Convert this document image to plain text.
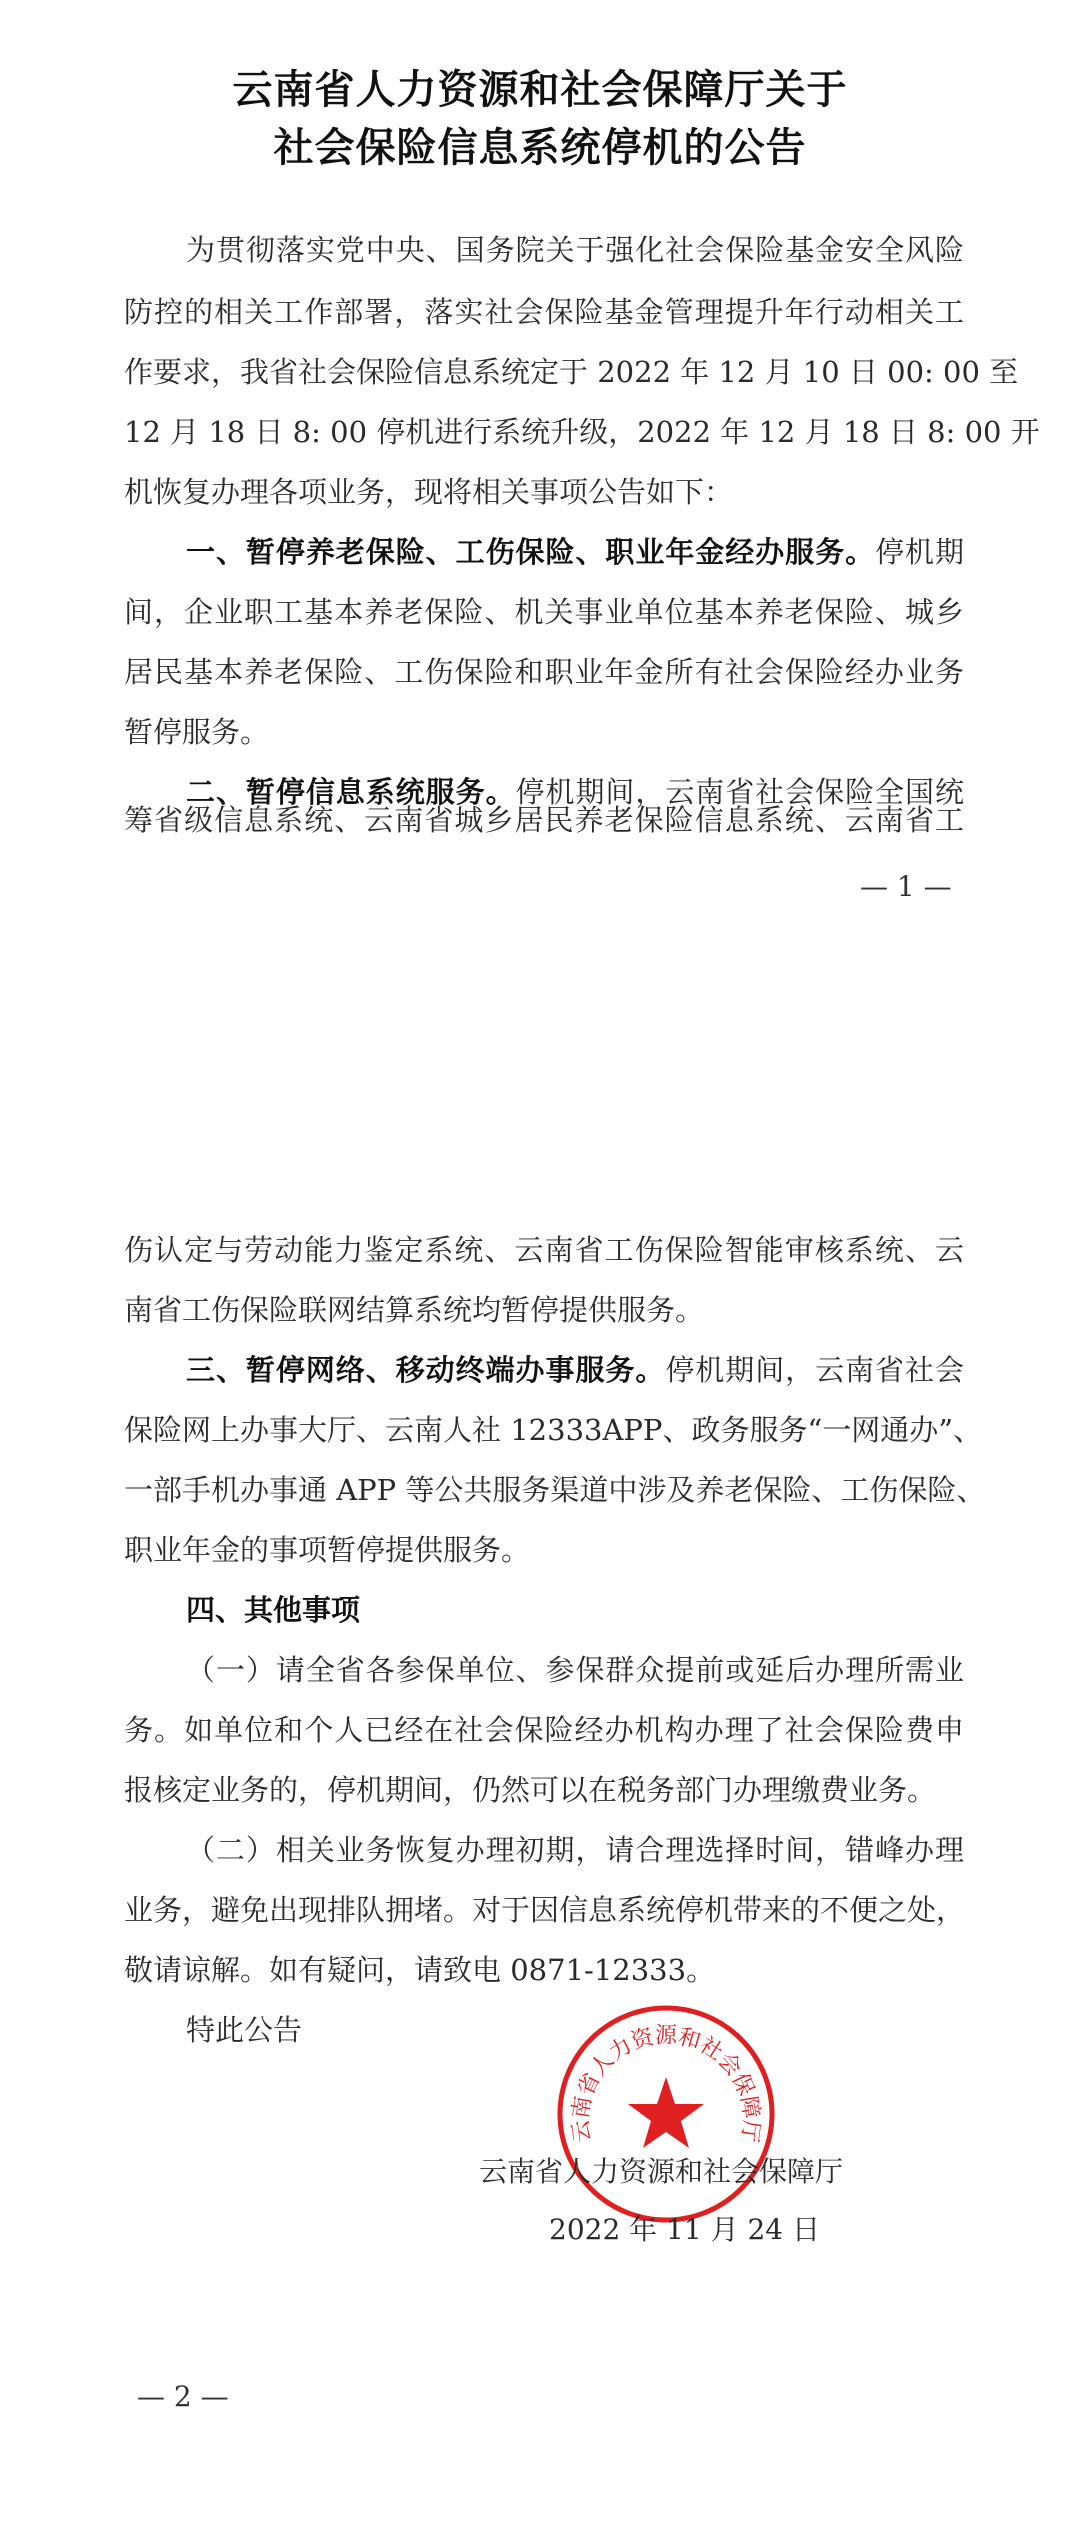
云南省人力资源和社会保障厅关于
社会保险信息系统停机的公告
为贯彻落实党中央、国务院关于强化社会保险基金安全风险
防控的相关工作部署，落实社会保险基金管理提升年行动相关工
作要求，我省社会保险信息系统定于 2022 年 12 月 10 日 00: 00 至
12 月 18 日 8: 00 停机进行系统升级，2022 年 12 月 18 日 8: 00 开
机恢复办理各项业务，现将相关事项公告如下：
一、暂停养老保险、工伤保险、职业年金经办服务。停机期
间，企业职工基本养老保险、机关事业单位基本养老保险、城乡
居民基本养老保险、工伤保险和职业年金所有社会保险经办业务
暂停服务。
二、暂停信息系统服务。停机期间，云南省社会保险全国统
筹省级信息系统、云南省城乡居民养老保险信息系统、云南省工
— 1 —
伤认定与劳动能力鉴定系统、云南省工伤保险智能审核系统、云
南省工伤保险联网结算系统均暂停提供服务。
三、暂停网络、移动终端办事服务。停机期间，云南省社会
保险网上办事大厅、云南人社 12333APP、政务服务“一网通办”、
一部手机办事通 APP 等公共服务渠道中涉及养老保险、工伤保险、
职业年金的事项暂停提供服务。
四、其他事项
（一）请全省各参保单位、参保群众提前或延后办理所需业
务。如单位和个人已经在社会保险经办机构办理了社会保险费申
报核定业务的，停机期间，仍然可以在税务部门办理缴费业务。
（二）相关业务恢复办理初期，请合理选择时间，错峰办理
业务，避免出现排队拥堵。对于因信息系统停机带来的不便之处，
敬请谅解。如有疑问，请致电 0871-12333。
特此公告
云南省人力资源和社会保障厅
云南省人力资源和社会保障厅
2022 年 11 月 24 日
— 2 —
